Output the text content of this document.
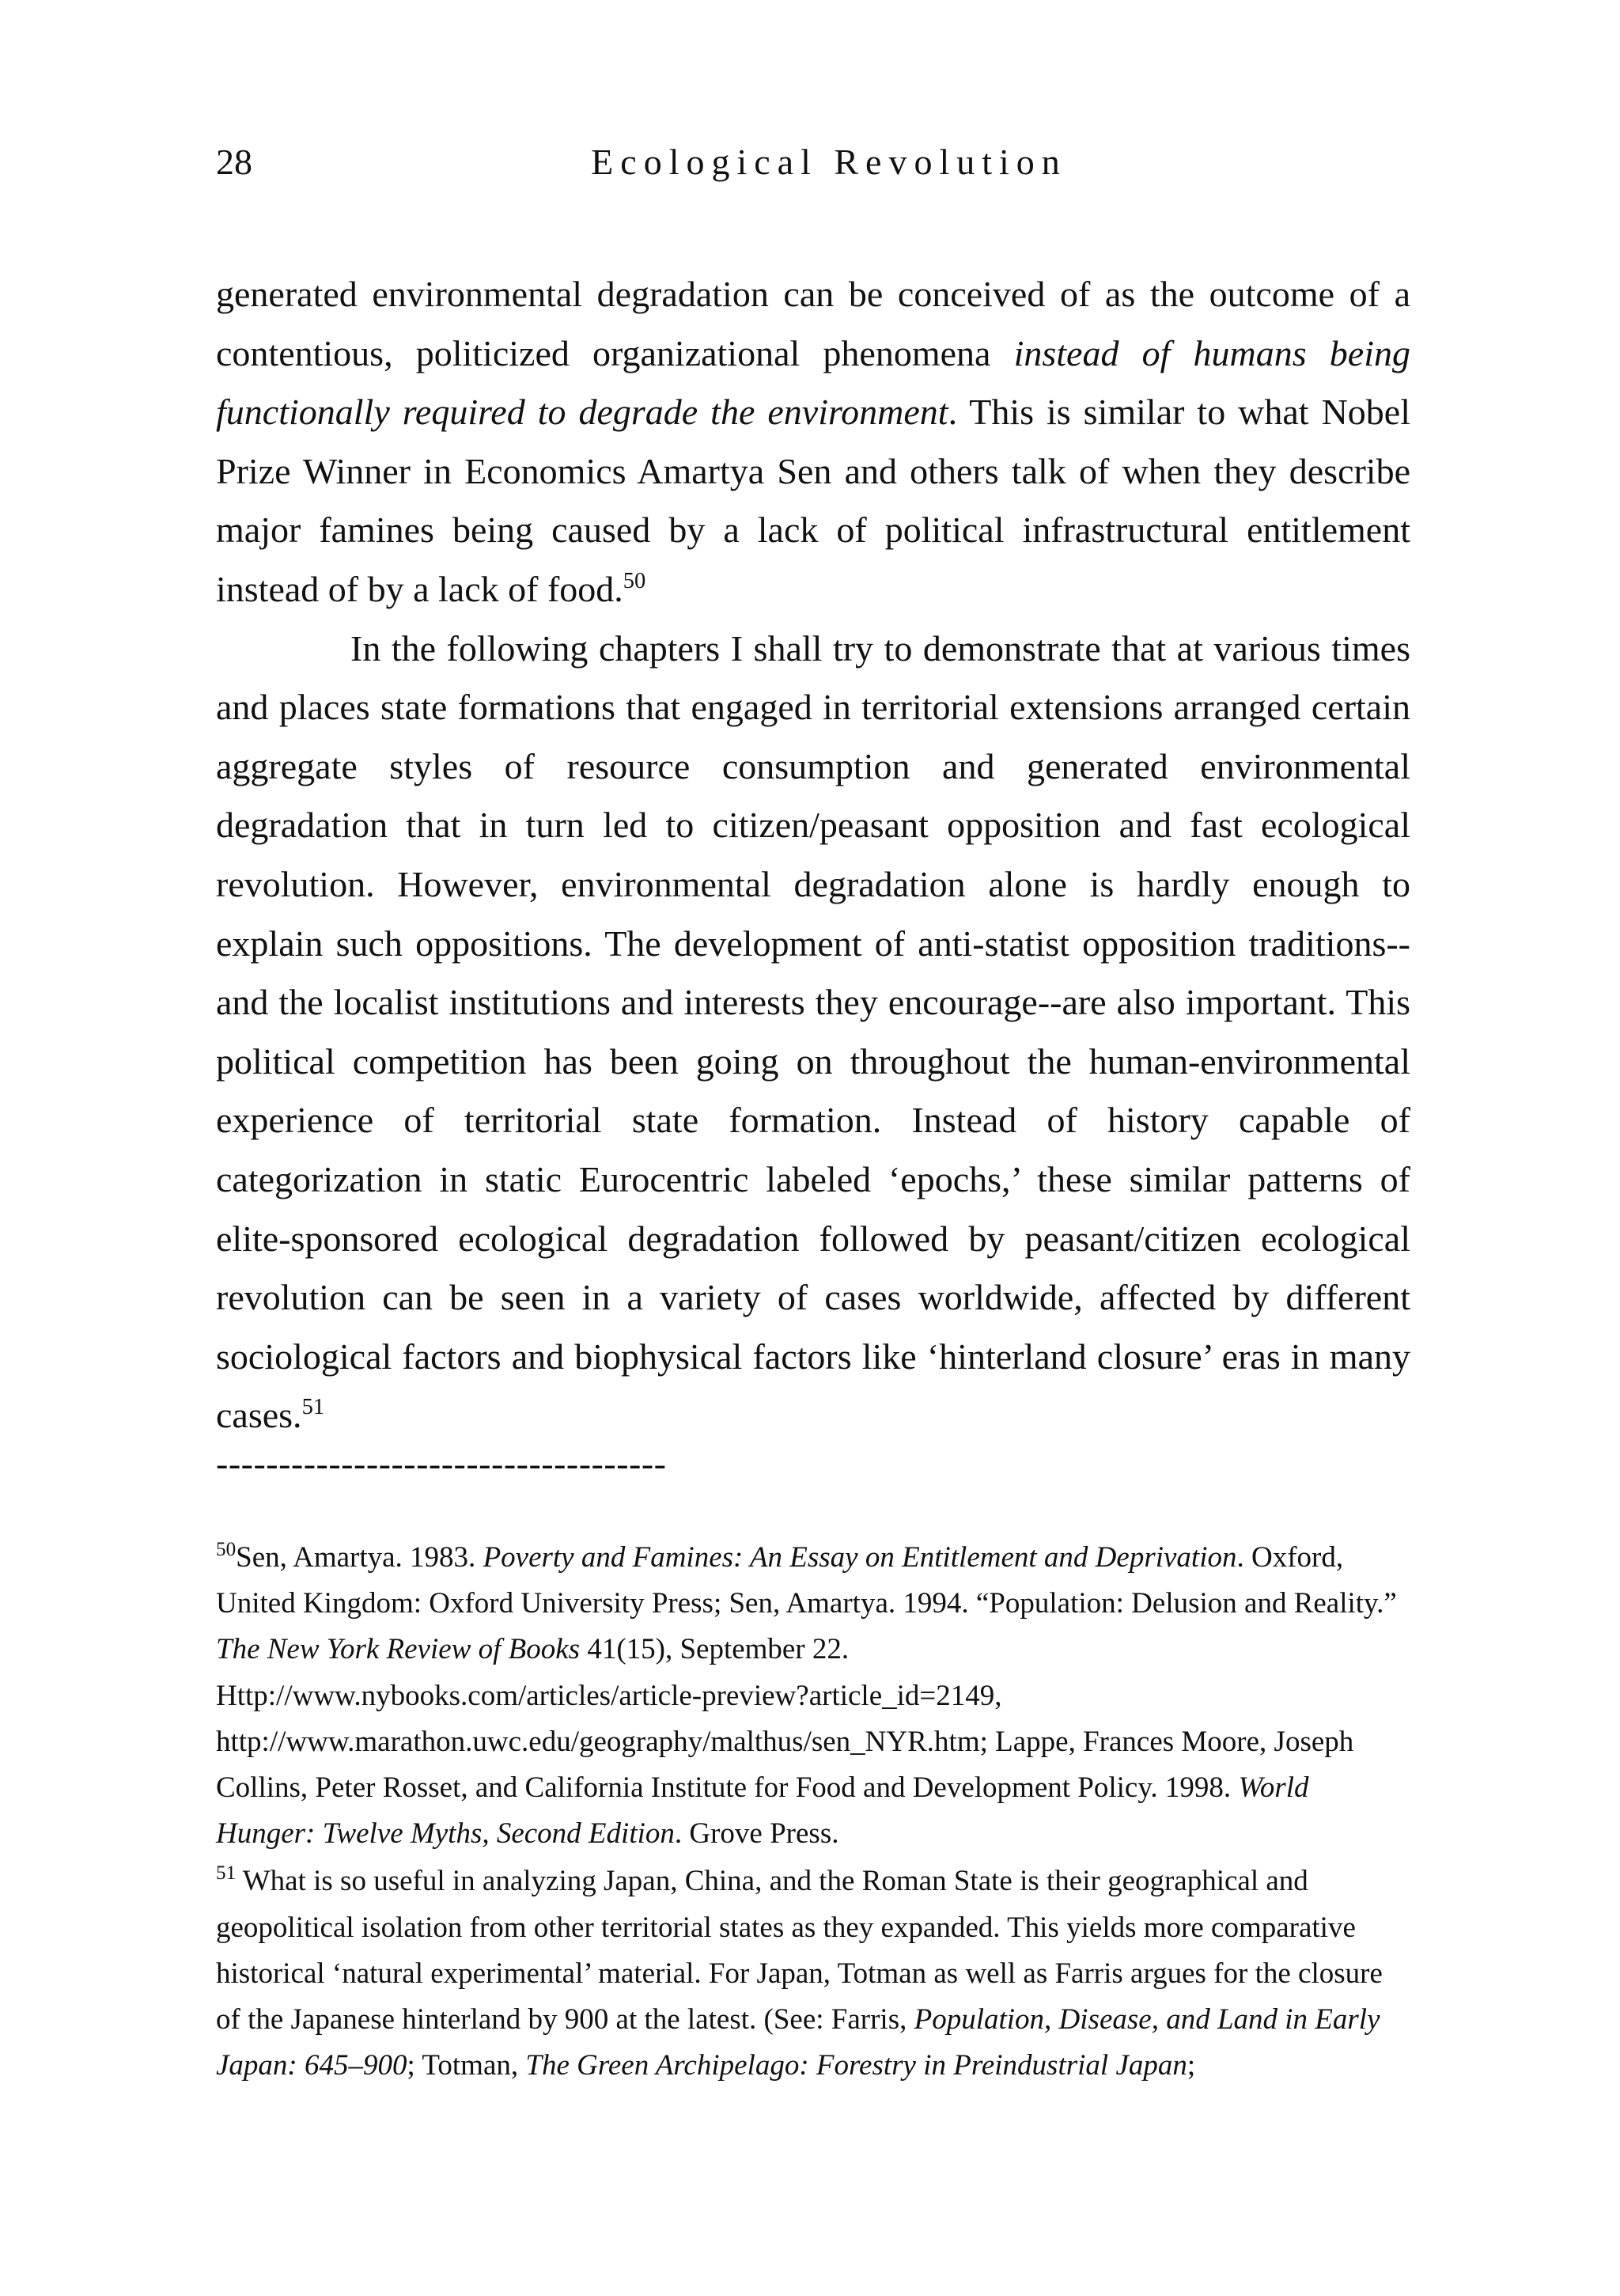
28	Ecological Revolution

generated environmental degradation can be conceived of as the outcome of a contentious, politicized organizational phenomena instead of humans being functionally required to degrade the environment. This is similar to what Nobel Prize Winner in Economics Amartya Sen and others talk of when they describe major famines being caused by a lack of political infrastructural entitlement instead of by a lack of food.$^{50}$

In the following chapters I shall try to demonstrate that at various times and places state formations that engaged in territorial extensions arranged certain aggregate styles of resource consumption and generated environmental degradation that in turn led to citizen/peasant opposition and fast ecological revolution. However, environmental degradation alone is hardly enough to explain such oppositions. The development of anti-statist opposition traditions--and the localist institutions and interests they encourage--are also important. This political competition has been going on throughout the human-environmental experience of territorial state formation. Instead of history capable of categorization in static Eurocentric labeled ‘epochs,’ these similar patterns of elite-sponsored ecological degradation followed by peasant/citizen ecological revolution can be seen in a variety of cases worldwide, affected by different sociological factors and biophysical factors like ‘hinterland closure’ eras in many cases.$^{51}$

------------------------------------

$^{50}$Sen, Amartya. 1983. Poverty and Famines: An Essay on Entitlement and Deprivation. Oxford, United Kingdom: Oxford University Press; Sen, Amartya. 1994. “Population: Delusion and Reality.” The New York Review of Books 41(15), September 22.
Http://www.nybooks.com/articles/article-preview?article_id=2149,
http://www.marathon.uwc.edu/geography/malthus/sen_NYR.htm; Lappe, Frances Moore, Joseph Collins, Peter Rosset, and California Institute for Food and Development Policy. 1998. World Hunger: Twelve Myths, Second Edition. Grove Press.

$^{51}$ What is so useful in analyzing Japan, China, and the Roman State is their geographical and geopolitical isolation from other territorial states as they expanded. This yields more comparative historical ‘natural experimental’ material. For Japan, Totman as well as Farris argues for the closure of the Japanese hinterland by 900 at the latest. (See: Farris, Population, Disease, and Land in Early Japan: 645–900; Totman, The Green Archipelago: Forestry in Preindustrial Japan;
